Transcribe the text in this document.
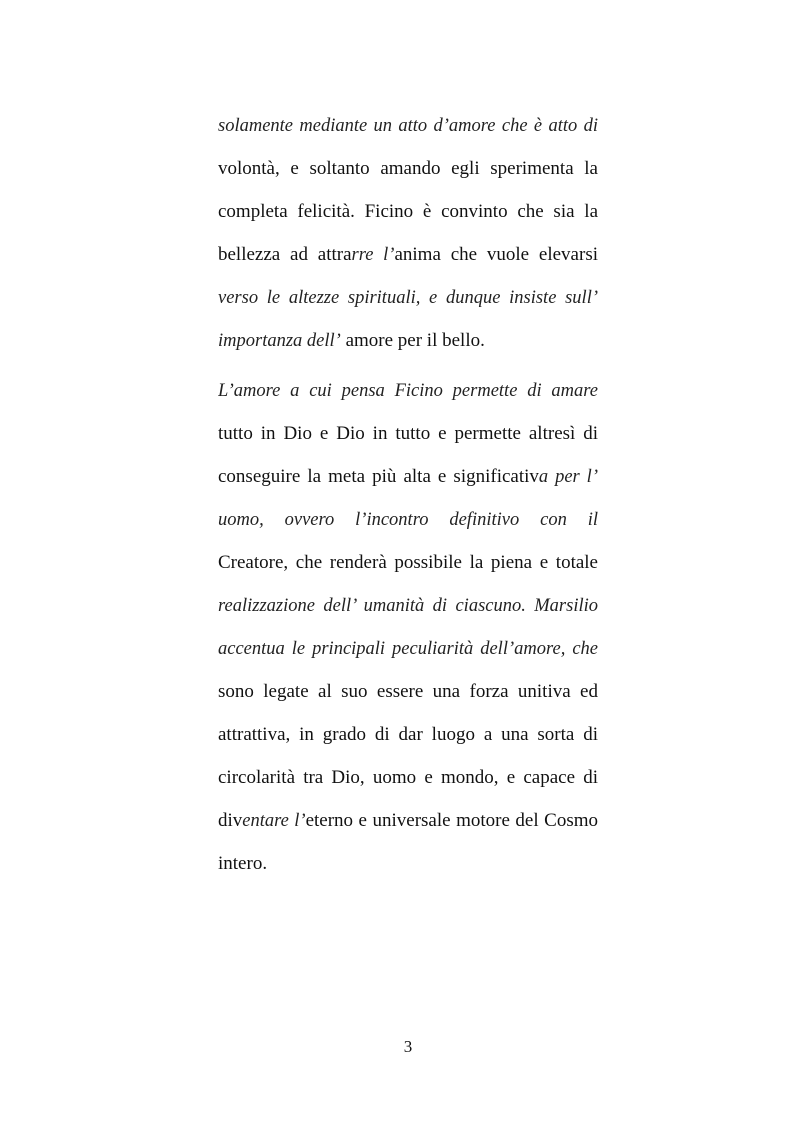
solamente mediante un atto d’amore che è atto di
volontà, e soltanto amando egli sperimenta la
completa felicità. Ficino è convinto che sia la
bellezza ad attrarre l’anima che vuole elevarsi
verso le altezze spirituali, e dunque insiste sull’
importanza dell’ amore per il bello.
L’amore a cui pensa Ficino permette di amare
tutto in Dio e Dio in tutto e permette altresì di
conseguire la meta più alta e significativa per l’
uomo, ovvero l’incontro definitivo con il
Creatore, che renderà possibile la piena e totale
realizzazione dell’ umanità di ciascuno. Marsilio
accentua le principali peculiarità dell’amore, che
sono legate al suo essere una forza unitiva ed
attrattiva, in grado di dar luogo a una sorta di
circolarità tra Dio, uomo e mondo, e capace di
diventare l’eterno e universale motore del Cosmo
intero.
3
